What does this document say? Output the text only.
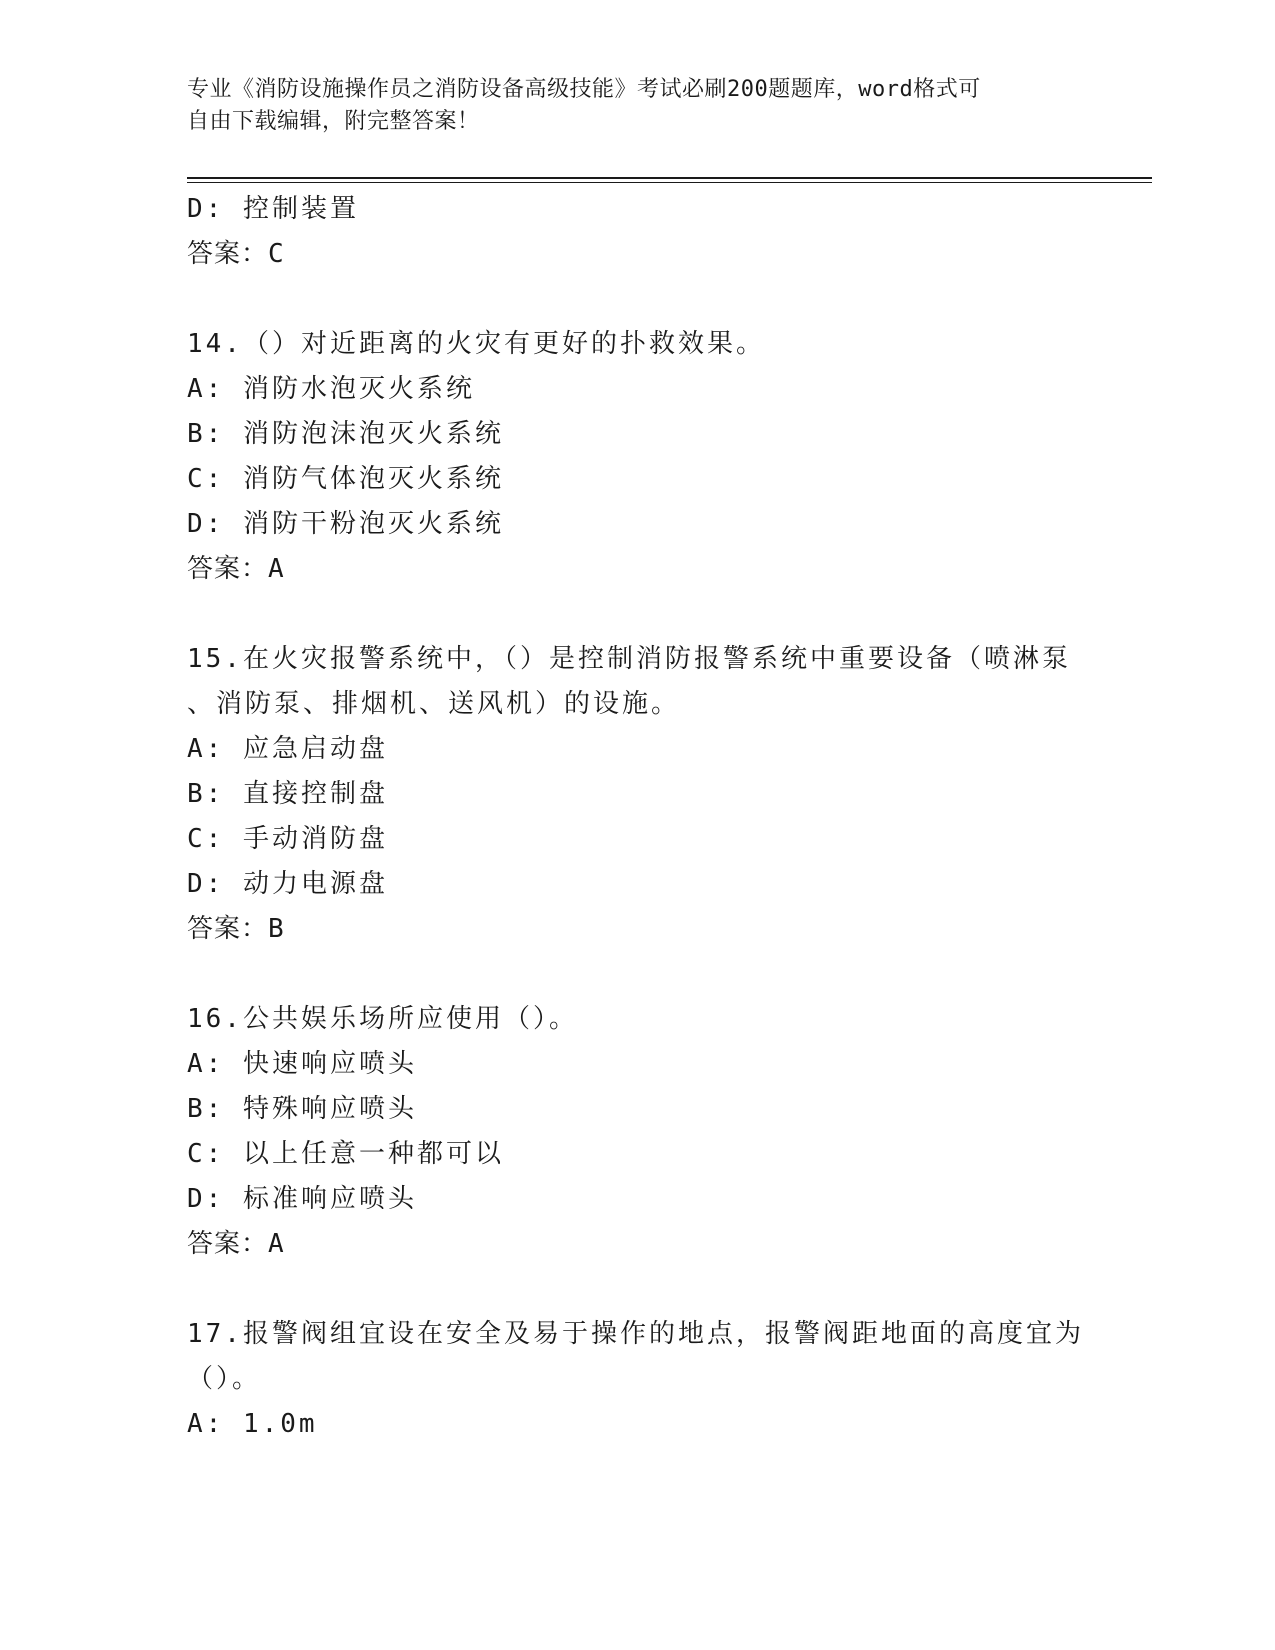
专业《消防设施操作员之消防设备高级技能》考试必刷200题题库，word格式可
自由下载编辑，附完整答案！
D: 控制装置
答案：C
14.（）对近距离的火灾有更好的扑救效果。
A: 消防水泡灭火系统
B: 消防泡沫泡灭火系统
C: 消防气体泡灭火系统
D: 消防干粉泡灭火系统
答案：A
15.在火灾报警系统中，（）是控制消防报警系统中重要设备（喷淋泵
、消防泵、排烟机、送风机）的设施。
A: 应急启动盘
B: 直接控制盘
C: 手动消防盘
D: 动力电源盘
答案：B
16.公共娱乐场所应使用（）。
A: 快速响应喷头
B: 特殊响应喷头
C: 以上任意一种都可以
D: 标准响应喷头
答案：A
17.报警阀组宜设在安全及易于操作的地点，报警阀距地面的高度宜为
（）。
A: 1.0m
